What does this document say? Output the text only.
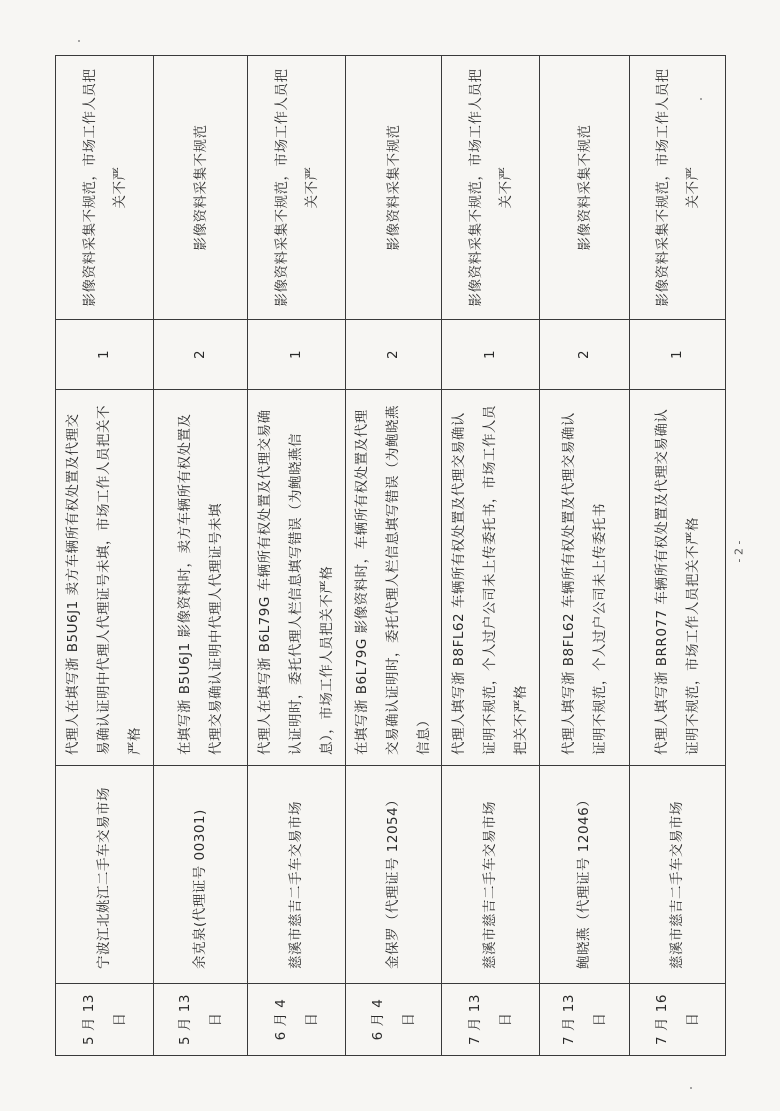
5 月 13 日	宁波江北姚江二手车交易市场	代理人在填写浙 B5U6J1 卖方车辆所有权处置及代理交易确认证明中代理人代理证号未填，市场工作人员把关不严格	1	影像资料采集不规范，市场工作人员把关不严
5 月 13 日	余克泉(代理证号 00301)	在填写浙 B5U6J1 影像资料时，卖方车辆所有权处置及代理交易确认证明中代理人代理证号未填	2	影像资料采集不规范
6 月 4 日	慈溪市慈吉二手车交易市场	代理人在填写浙 B6L79G 车辆所有权处置及代理交易确认证明时，委托代理人栏信息填写错误（为鲍晓燕信息），市场工作人员把关不严格	1	影像资料采集不规范，市场工作人员把关不严
6 月 4 日	金保罗（代理证号 12054）	在填写浙 B6L79G 影像资料时，车辆所有权处置及代理交易确认证明时，委托代理人栏信息填写错误（为鲍晓燕信息）	2	影像资料采集不规范
7 月 13 日	慈溪市慈吉二手车交易市场	代理人填写浙 B8FL62 车辆所有权处置及代理交易确认证明不规范，个人过户公司未上传委托书，市场工作人员把关不严格	1	影像资料采集不规范，市场工作人员把关不严
7 月 13 日	鲍晓燕（代理证号 12046）	代理人填写浙 B8FL62 车辆所有权处置及代理交易确认证明不规范，个人过户公司未上传委托书	2	影像资料采集不规范
7 月 16 日	慈溪市慈吉二手车交易市场	代理人填写浙 BRR077 车辆所有权处置及代理交易确认证明不规范，市场工作人员把关不严格	1	影像资料采集不规范，市场工作人员把关不严
- 2 -
